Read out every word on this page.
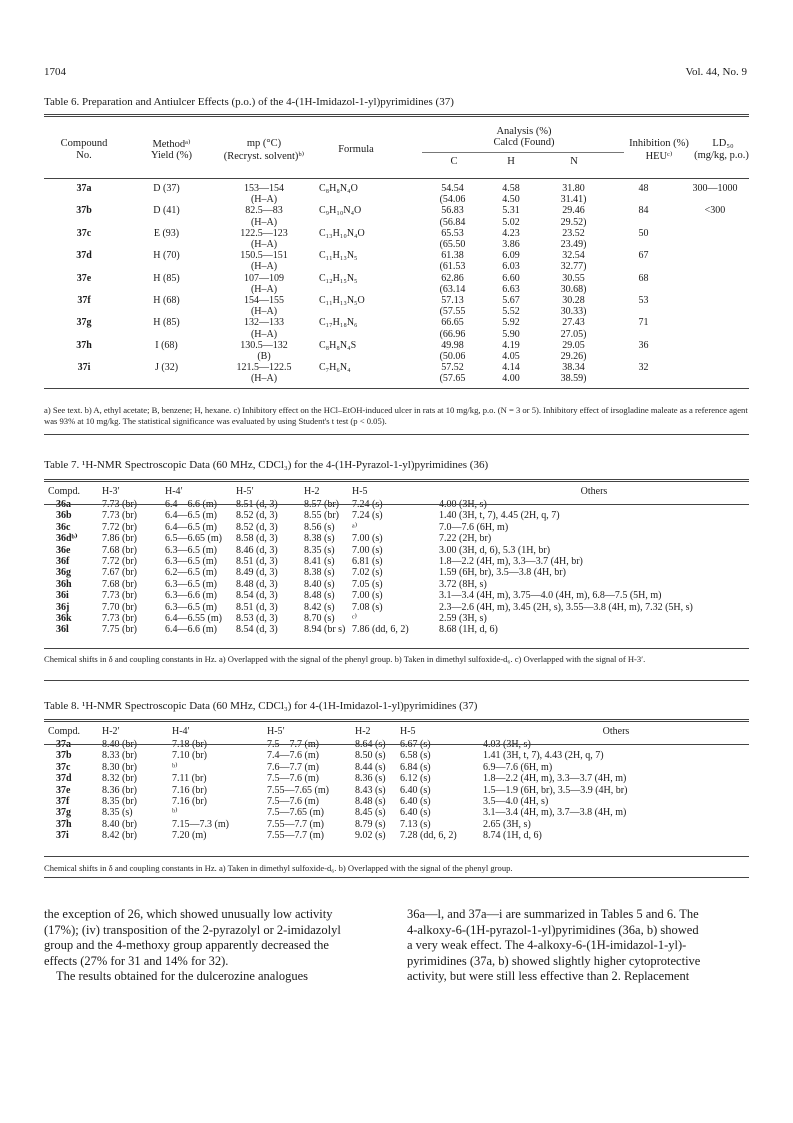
1704	Vol. 44, No. 9
Table 6. Preparation and Antiulcer Effects (p.o.) of the 4-(1H-Imidazol-1-yl)pyrimidines (37)
Compound
No.
Methodᵃ⁾
Yield (%)
mp (°C)
(Recryst. solvent)ᵇ⁾
Formula
Analysis (%)
Calcd (Found)
C	H	N
Inhibition (%)
HEUᶜ⁾
LD₅₀
(mg/kg, p.o.)
37a	D (37)	153—154	C₈H₈N₄O	54.54	4.58	31.80	48	300—1000
		(H–A)		(54.06	4.50	31.41)		
37b	D (41)	82.5—83	C₉H₁₀N₄O	56.83	5.31	29.46	84	<300
		(H–A)		(56.84	5.02	29.52)		
37c	E (93)	122.5—123	C₁₃H₁₀N₄O	65.53	4.23	23.52	50	
		(H–A)		(65.50	3.86	23.49)		
37d	H (70)	150.5—151	C₁₁H₁₃N₅	61.38	6.09	32.54	67	
		(H–A)		(61.53	6.03	32.77)		
37e	H (85)	107—109	C₁₂H₁₅N₅	62.86	6.60	30.55	68	
		(H–A)		(63.14	6.63	30.68)		
37f	H (68)	154—155	C₁₁H₁₃N₅O	57.13	5.67	30.28	53	
		(H–A)		(57.55	5.52	30.33)		
37g	H (85)	132—133	C₁₇H₁₈N₆	66.65	5.92	27.43	71	
		(H–A)		(66.96	5.90	27.05)		
37h	I (68)	130.5—132	C₈H₈N₄S	49.98	4.19	29.05	36	
		(B)		(50.06	4.05	29.26)		
37i	J (32)	121.5—122.5	C₇H₆N₄	57.52	4.14	38.34	32	
		(H–A)		(57.65	4.00	38.59)		
a) See text. b) A, ethyl acetate; B, benzene; H, hexane. c) Inhibitory effect on the HCl–EtOH-induced ulcer in rats at 10 mg/kg, p.o. (N = 3 or 5). Inhibitory effect of irsogladine maleate as a reference agent was 93% at 10 mg/kg. The statistical significance was evaluated by using Student's t test (p < 0.05).
Table 7. ¹H-NMR Spectroscopic Data (60 MHz, CDCl₃) for the 4-(1H-Pyrazol-1-yl)pyrimidines (36)
Compd.	H-3′	H-4′	H-5′	H-2	H-5	Others
36a	7.73 (br)	6.4—6.6 (m)	8.51 (d, 3)	8.57 (br)	7.24 (s)	4.00 (3H, s)
36b	7.73 (br)	6.4—6.5 (m)	8.52 (d, 3)	8.55 (br)	7.24 (s)	1.40 (3H, t, 7), 4.45 (2H, q, 7)
36c	7.72 (br)	6.4—6.5 (m)	8.52 (d, 3)	8.56 (s)	ᵃ⁾	7.0—7.6 (6H, m)
36dᵇ⁾	7.86 (br)	6.5—6.65 (m)	8.58 (d, 3)	8.38 (s)	7.00 (s)	7.22 (2H, br)
36e	7.68 (br)	6.3—6.5 (m)	8.46 (d, 3)	8.35 (s)	7.00 (s)	3.00 (3H, d, 6), 5.3 (1H, br)
36f	7.72 (br)	6.3—6.5 (m)	8.51 (d, 3)	8.41 (s)	6.81 (s)	1.8—2.2 (4H, m), 3.3—3.7 (4H, br)
36g	7.67 (br)	6.2—6.5 (m)	8.49 (d, 3)	8.38 (s)	7.02 (s)	1.59 (6H, br), 3.5—3.8 (4H, br)
36h	7.68 (br)	6.3—6.5 (m)	8.48 (d, 3)	8.40 (s)	7.05 (s)	3.72 (8H, s)
36i	7.73 (br)	6.3—6.6 (m)	8.54 (d, 3)	8.48 (s)	7.00 (s)	3.1—3.4 (4H, m), 3.75—4.0 (4H, m), 6.8—7.5 (5H, m)
36j	7.70 (br)	6.3—6.5 (m)	8.51 (d, 3)	8.42 (s)	7.08 (s)	2.3—2.6 (4H, m), 3.45 (2H, s), 3.55—3.8 (4H, m), 7.32 (5H, s)
36k	7.73 (br)	6.4—6.55 (m)	8.53 (d, 3)	8.70 (s)	ᶜ⁾	2.59 (3H, s)
36l	7.75 (br)	6.4—6.6 (m)	8.54 (d, 3)	8.94 (br s)	7.86 (dd, 6, 2)	8.68 (1H, d, 6)
Chemical shifts in δ and coupling constants in Hz. a) Overlapped with the signal of the phenyl group. b) Taken in dimethyl sulfoxide-d₆. c) Overlapped with the signal of H-3′.
Table 8. ¹H-NMR Spectroscopic Data (60 MHz, CDCl₃) for 4-(1H-Imidazol-1-yl)pyrimidines (37)
Compd.	H-2′	H-4′	H-5′	H-2	H-5	Others
37a	8.40 (br)	7.18 (br)	7.5—7.7 (m)	8.64 (s)	6.67 (s)	4.03 (3H, s)
37b	8.33 (br)	7.10 (br)	7.4—7.6 (m)	8.50 (s)	6.58 (s)	1.41 (3H, t, 7), 4.43 (2H, q, 7)
37c	8.30 (br)	ᵇ⁾	7.6—7.7 (m)	8.44 (s)	6.84 (s)	6.9—7.6 (6H, m)
37d	8.32 (br)	7.11 (br)	7.5—7.6 (m)	8.36 (s)	6.12 (s)	1.8—2.2 (4H, m), 3.3—3.7 (4H, m)
37e	8.36 (br)	7.16 (br)	7.55—7.65 (m)	8.43 (s)	6.40 (s)	1.5—1.9 (6H, br), 3.5—3.9 (4H, br)
37f	8.35 (br)	7.16 (br)	7.5—7.6 (m)	8.48 (s)	6.40 (s)	3.5—4.0 (4H, s)
37g	8.35 (s)	ᵇ⁾	7.5—7.65 (m)	8.45 (s)	6.40 (s)	3.1—3.4 (4H, m), 3.7—3.8 (4H, m)
37h	8.40 (br)	7.15—7.3 (m)	7.55—7.7 (m)	8.79 (s)	7.13 (s)	2.65 (3H, s)
37i	8.42 (br)	7.20 (m)	7.55—7.7 (m)	9.02 (s)	7.28 (dd, 6, 2)	8.74 (1H, d, 6)
Chemical shifts in δ and coupling constants in Hz. a) Taken in dimethyl sulfoxide-d₆. b) Overlapped with the signal of the phenyl group.

the exception of 26, which showed unusually low activity

(17%); (iv) transposition of the 2-pyrazolyl or 2-imidazolyl

group and the 4-methoxy group apparently decreased the

effects (27% for 31 and 14% for 32).

The results obtained for the dulcerozine analogues

36a—l, and 37a—i are summarized in Tables 5 and 6. The

4-alkoxy-6-(1H-pyrazol-1-yl)pyrimidines (36a, b) showed

a very weak effect. The 4-alkoxy-6-(1H-imidazol-1-yl)-

pyrimidines (37a, b) showed slightly higher cytoprotective

activity, but were still less effective than 2. Replacement
